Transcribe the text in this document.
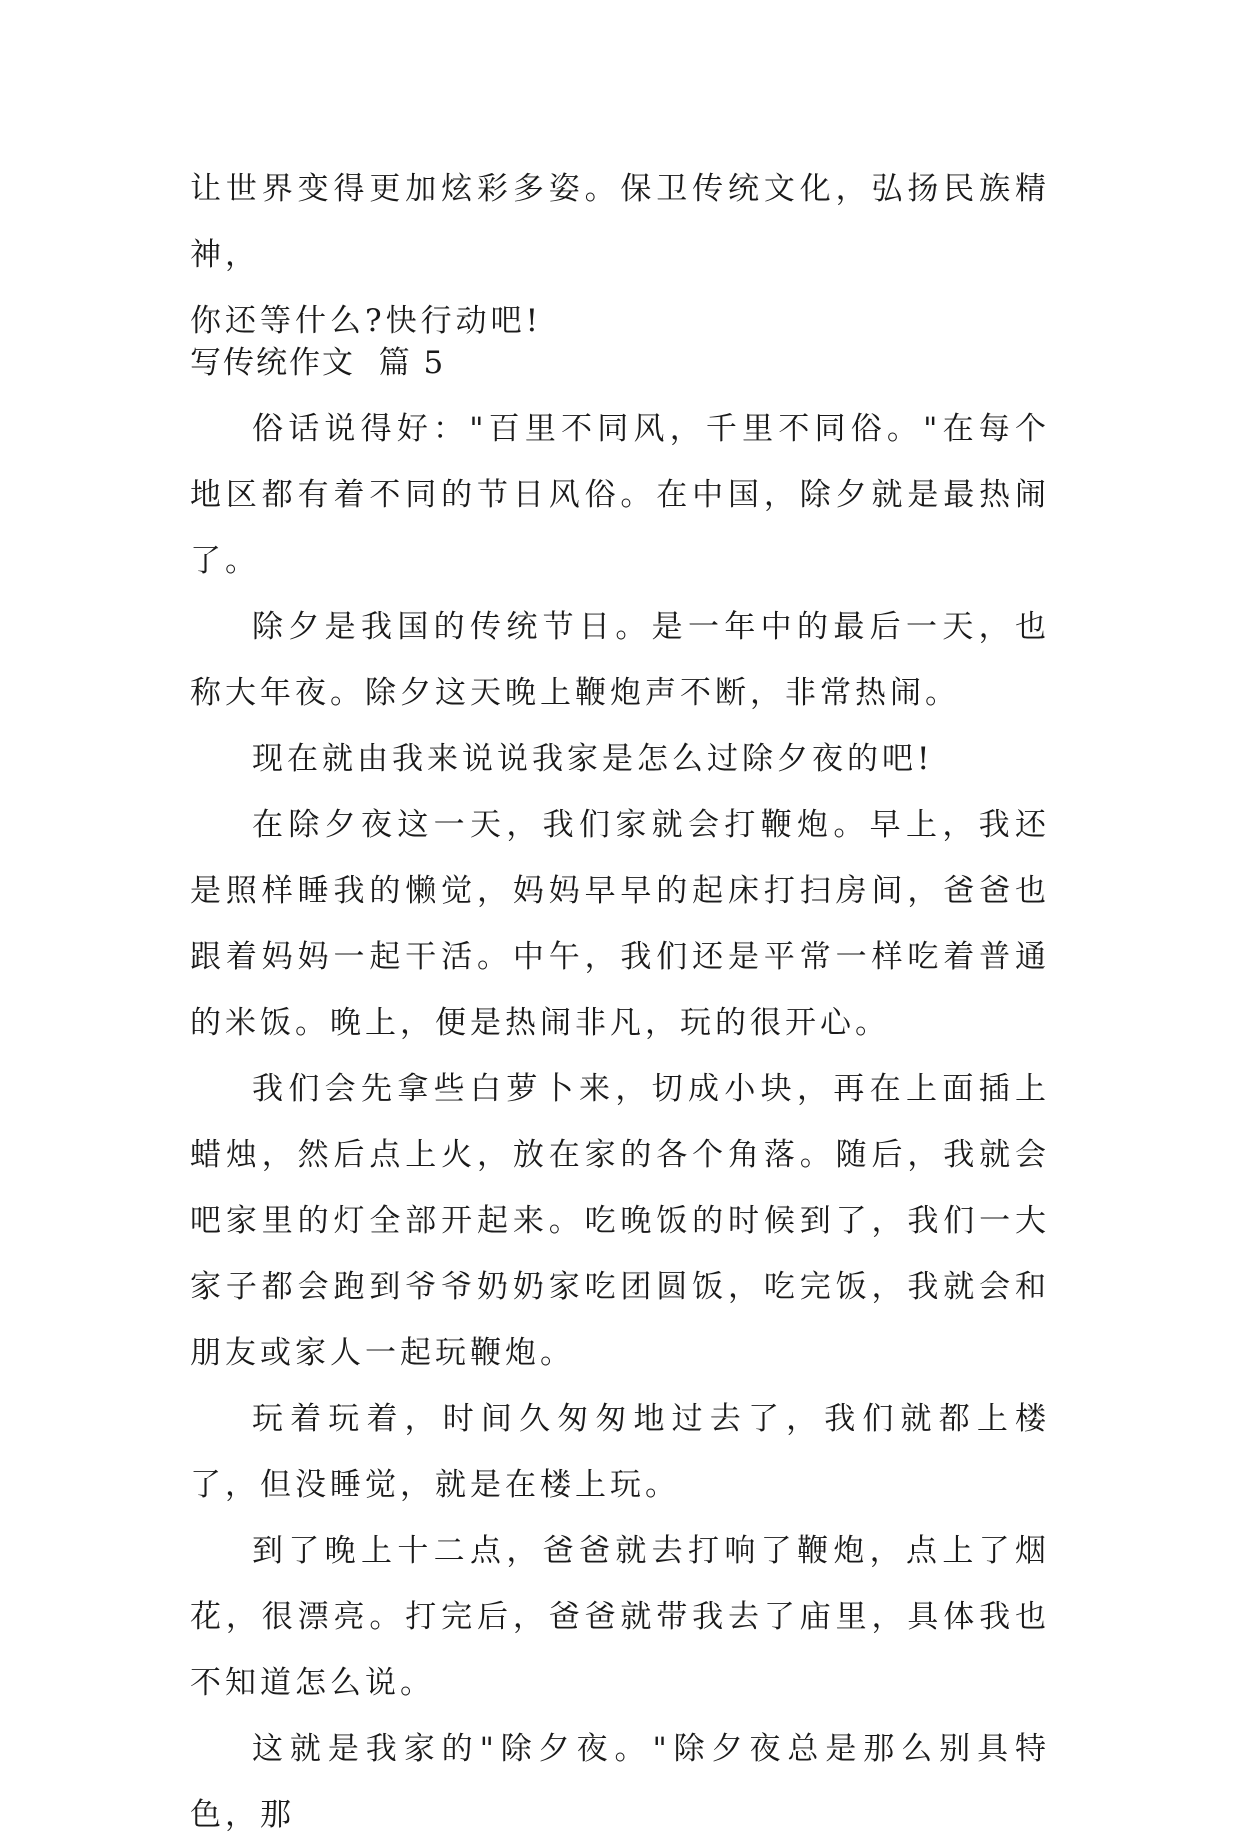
让世界变得更加炫彩多姿。保卫传统文化，弘扬民族精神，

你还等什么?快行动吧!

写传统作文  篇 5

俗话说得好："百里不同风，千里不同俗。"在每个地区都有着不同的节日风俗。在中国，除夕就是最热闹了。

除夕是我国的传统节日。是一年中的最后一天，也称大年夜。除夕这天晚上鞭炮声不断，非常热闹。

现在就由我来说说我家是怎么过除夕夜的吧!

在除夕夜这一天，我们家就会打鞭炮。早上，我还是照样睡我的懒觉，妈妈早早的起床打扫房间，爸爸也跟着妈妈一起干活。中午，我们还是平常一样吃着普通的米饭。晚上，便是热闹非凡，玩的很开心。

我们会先拿些白萝卜来，切成小块，再在上面插上蜡烛，然后点上火，放在家的各个角落。随后，我就会吧家里的灯全部开起来。吃晚饭的时候到了，我们一大家子都会跑到爷爷奶奶家吃团圆饭，吃完饭，我就会和朋友或家人一起玩鞭炮。

玩着玩着，时间久匆匆地过去了，我们就都上楼了，但没睡觉，就是在楼上玩。

到了晚上十二点，爸爸就去打响了鞭炮，点上了烟花，很漂亮。打完后，爸爸就带我去了庙里，具体我也不知道怎么说。

这就是我家的"除夕夜。"除夕夜总是那么别具特色，那
